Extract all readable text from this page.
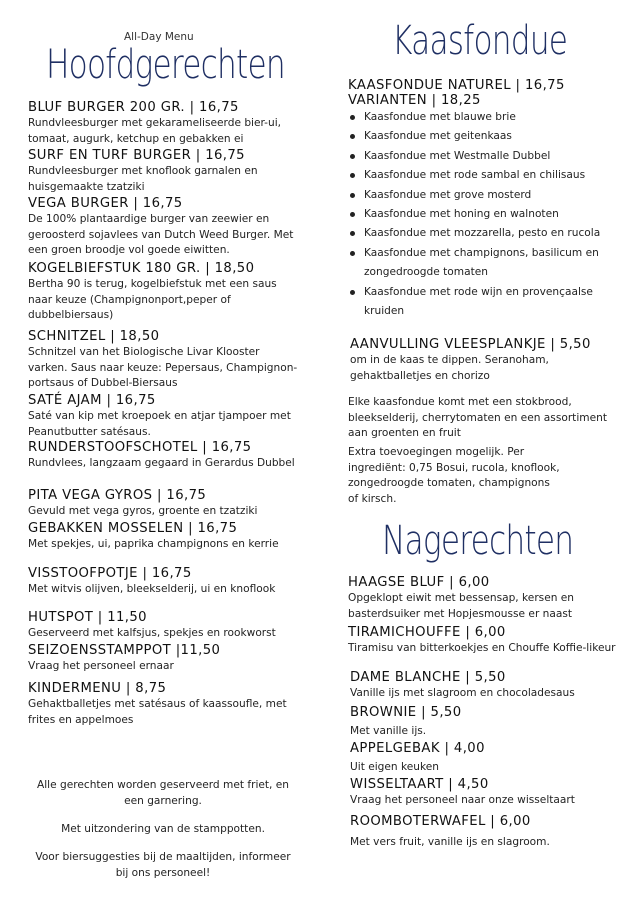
All-Day Menu
Hoofdgerechten
BLUF BURGER 200 GR. | 16,75
Rundvleesburger met gekarameliseerde bier-ui, tomaat, augurk, ketchup en gebakken ei
SURF EN TURF BURGER | 16,75
Rundvleesburger met knoflook garnalen en huisgemaakte tzatziki
VEGA BURGER | 16,75
De 100% plantaardige burger van zeewier en geroosterd sojavlees van Dutch Weed Burger. Met een groen broodje vol goede eiwitten.
KOGELBIEFSTUK 180 GR. | 18,50
Bertha 90 is terug, kogelbiefstuk met een saus naar keuze (Champignonport,peper of dubbelbiersaus)
SCHNITZEL | 18,50
Schnitzel van het Biologische Livar Klooster varken. Saus naar keuze: Pepersaus, Champignon-portsaus of Dubbel-Biersaus
SATÉ AJAM | 16,75
Saté van kip met kroepoek en atjar tjampoer met Peanutbutter satésaus.
RUNDERSTOOFSCHOTEL | 16,75
Rundvlees, langzaam gegaard in Gerardus Dubbel
PITA VEGA GYROS | 16,75
Gevuld met vega gyros, groente en tzatziki
GEBAKKEN MOSSELEN | 16,75
Met spekjes, ui, paprika champignons en kerrie
VISSTOOFPOTJE | 16,75
Met witvis olijven, bleekselderij, ui en knoflook
HUTSPOT | 11,50
Geserveerd met kalfsjus, spekjes en rookworst
SEIZOENSSTAMPPOT |11,50
Vraag het personeel ernaar
KINDERMENU | 8,75
Gehaktballetjes met satésaus of kaassoufle, met frites en appelmoes
Alle gerechten worden geserveerd met friet, en een garnering.
Met uitzondering van de stamppotten.
Voor biersuggesties bij de maaltijden, informeer bij ons personeel!
Kaasfondue
KAASFONDUE NATUREL | 16,75
VARIANTEN | 18,25
Kaasfondue met blauwe brie
Kaasfondue met geitenkaas
Kaasfondue met Westmalle Dubbel
Kaasfondue met rode sambal en chilisaus
Kaasfondue met grove mosterd
Kaasfondue met honing en walnoten
Kaasfondue met mozzarella, pesto en rucola
Kaasfondue met champignons, basilicum en zongedroogde tomaten
Kaasfondue met rode wijn en provençaalse kruiden
AANVULLING VLEESPLANKJE | 5,50
om in de kaas te dippen. Seranoham, gehaktballetjes en chorizo
Elke kaasfondue komt met een stokbrood, bleekselderij, cherrytomaten en een assortiment aan groenten en fruit
Extra toevoegingen mogelijk. Per ingrediënt: 0,75 Bosui, rucola, knoflook, zongedroogde tomaten, champignons of kirsch.
Nagerechten
HAAGSE BLUF | 6,00
Opgeklopt eiwit met bessensap, kersen en basterdsuiker met Hopjesmousse er naast
TIRAMICHOUFFE | 6,00
Tiramisu van bitterkoekjes en Chouffe Koffie-likeur
DAME BLANCHE | 5,50
Vanille ijs met slagroom en chocoladesaus
BROWNIE | 5,50
Met vanille ijs.
APPELGEBAK | 4,00
Uit eigen keuken
WISSELTAART | 4,50
Vraag het personeel naar onze wisseltaart
ROOMBOTERWAFEL | 6,00
Met vers fruit, vanille ijs en slagroom.
